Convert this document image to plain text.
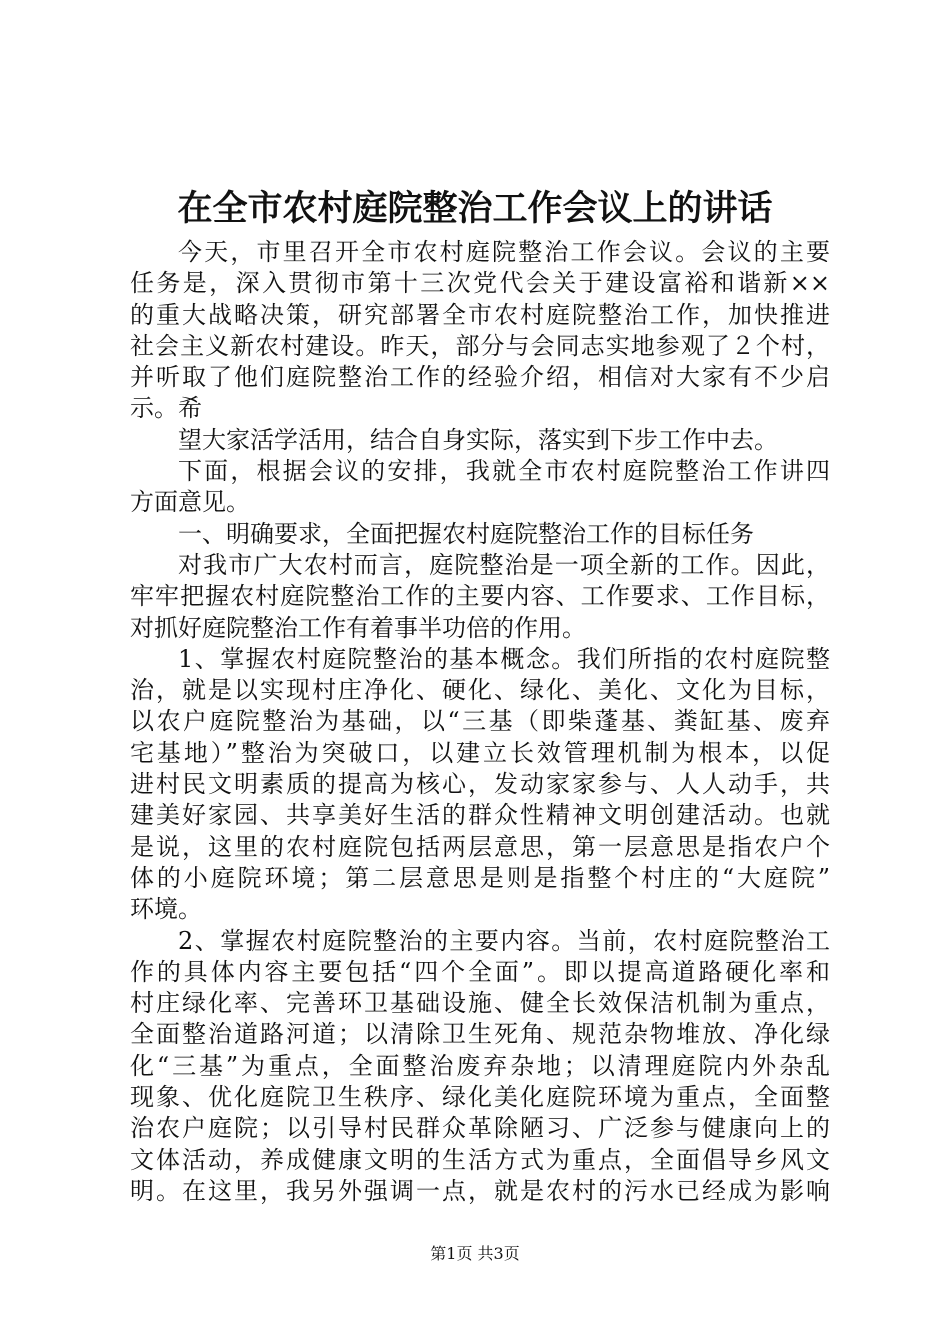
在全市农村庭院整治工作会议上的讲话
今天，市里召开全市农村庭院整治工作会议。会议的主要
任务是，深入贯彻市第十三次党代会关于建设富裕和谐新××
的重大战略决策，研究部署全市农村庭院整治工作，加快推进
社会主义新农村建设。昨天，部分与会同志实地参观了２个村，
并听取了他们庭院整治工作的经验介绍，相信对大家有不少启
示。希
望大家活学活用，结合自身实际，落实到下步工作中去。
下面，根据会议的安排，我就全市农村庭院整治工作讲四
方面意见。
一、明确要求，全面把握农村庭院整治工作的目标任务
对我市广大农村而言，庭院整治是一项全新的工作。因此，
牢牢把握农村庭院整治工作的主要内容、工作要求、工作目标，
对抓好庭院整治工作有着事半功倍的作用。
1、掌握农村庭院整治的基本概念。我们所指的农村庭院整
治，就是以实现村庄净化、硬化、绿化、美化、文化为目标，
以农户庭院整治为基础，以“三基（即柴蓬基、粪缸基、废弃
宅基地）”整治为突破口，以建立长效管理机制为根本，以促
进村民文明素质的提高为核心，发动家家参与、人人动手，共
建美好家园、共享美好生活的群众性精神文明创建活动。也就
是说，这里的农村庭院包括两层意思，第一层意思是指农户个
体的小庭院环境；第二层意思是则是指整个村庄的“大庭院”
环境。
2、掌握农村庭院整治的主要内容。当前，农村庭院整治工
作的具体内容主要包括“四个全面”。即以提高道路硬化率和
村庄绿化率、完善环卫基础设施、健全长效保洁机制为重点，
全面整治道路河道；以清除卫生死角、规范杂物堆放、净化绿
化“三基”为重点，全面整治废弃杂地；以清理庭院内外杂乱
现象、优化庭院卫生秩序、绿化美化庭院环境为重点，全面整
治农户庭院；以引导村民群众革除陋习、广泛参与健康向上的
文体活动，养成健康文明的生活方式为重点，全面倡导乡风文
明。在这里，我另外强调一点，就是农村的污水已经成为影响
第1页 共3页
